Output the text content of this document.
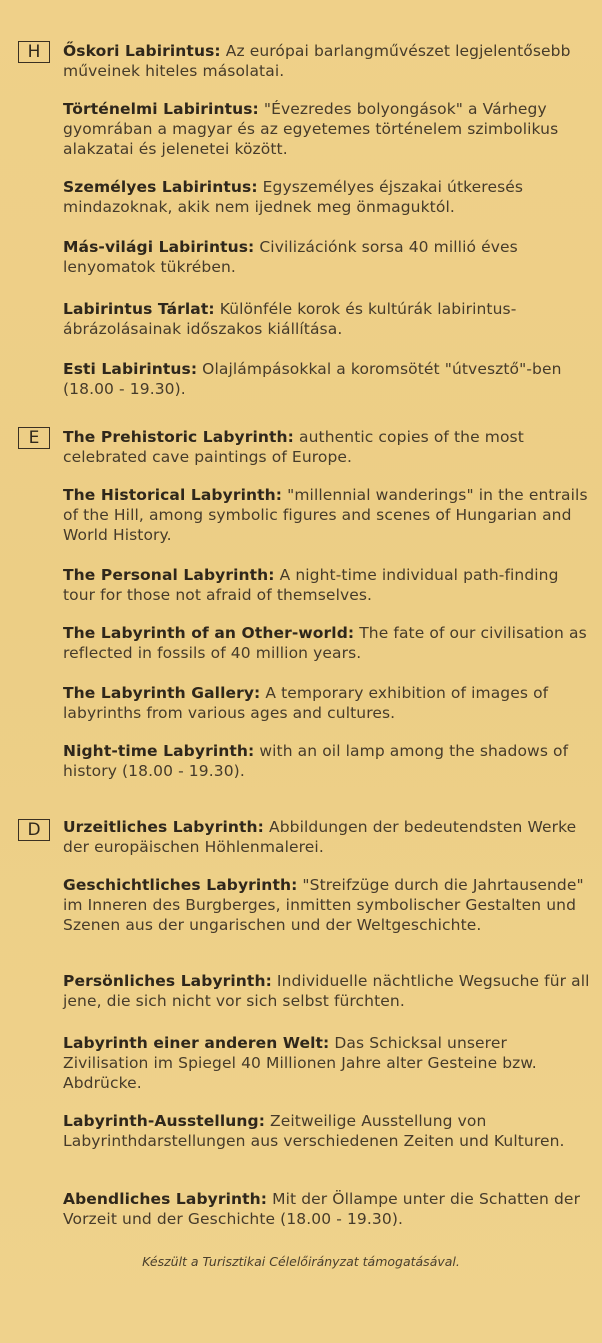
H	Őskori Labirintus: Az európai barlangművészet legjelentősebb műveinek hiteles másolatai.
Történelmi Labirintus: "Évezredes bolyongások" a Várhegy gyomrában a magyar és az egyetemes történelem szimbolikus alakzatai és jelenetei között.
Személyes Labirintus: Egyszemélyes éjszakai útkeresés mindazoknak, akik nem ijednek meg önmaguktól.
Más-világi Labirintus: Civilizációnk sorsa 40 millió éves lenyomatok tükrében.
Labirintus Tárlat: Különféle korok és kultúrák labirintus-ábrázolásainak időszakos kiállítása.
Esti Labirintus: Olajlámpásokkal a koromsötét "útvesztő"-ben (18.00 - 19.30).
E	The Prehistoric Labyrinth: authentic copies of the most celebrated cave paintings of Europe.
The Historical Labyrinth: "millennial wanderings" in the entrails of the Hill, among symbolic figures and scenes of Hungarian and World History.
The Personal Labyrinth: A night-time individual path-finding tour for those not afraid of themselves.
The Labyrinth of an Other-world: The fate of our civilisation as reflected in fossils of 40 million years.
The Labyrinth Gallery: A temporary exhibition of images of labyrinths from various ages and cultures.
Night-time Labyrinth: with an oil lamp among the shadows of history (18.00 - 19.30).
D	Urzeitliches Labyrinth: Abbildungen der bedeutendsten Werke der europäischen Höhlenmalerei.
Geschichtliches Labyrinth: "Streifzüge durch die Jahrtausende" im Inneren des Burgberges, inmitten symbolischer Gestalten und Szenen aus der ungarischen und der Weltgeschichte.
Persönliches Labyrinth: Individuelle nächtliche Wegsuche für all jene, die sich nicht vor sich selbst fürchten.
Labyrinth einer anderen Welt: Das Schicksal unserer Zivilisation im Spiegel 40 Millionen Jahre alter Gesteine bzw. Abdrücke.
Labyrinth-Ausstellung: Zeitweilige Ausstellung von Labyrinthdarstellungen aus verschiedenen Zeiten und Kulturen.
Abendliches Labyrinth: Mit der Öllampe unter die Schatten der Vorzeit und der Geschichte (18.00 - 19.30).
Készült a Turisztikai Célelőirányzat támogatásával.
